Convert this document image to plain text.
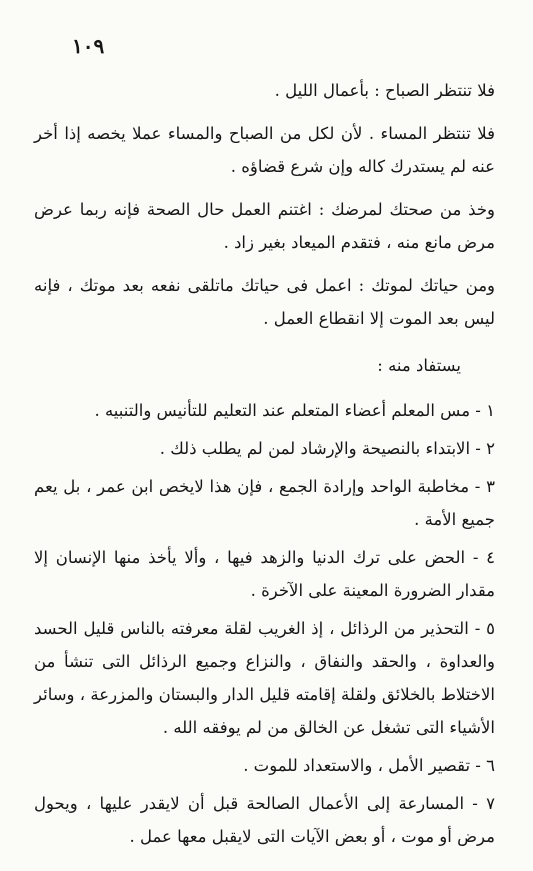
١٠٩

فلا تنتظر الصباح : بأعمال الليل .

فلا تنتظر المساء . لأن لكل من الصباح والمساء عملا يخصه إذا أخر عنه لم يستدرك كاله وإن شرع قضاؤه .

وخذ من صحتك لمرضك : اغتنم العمل حال الصحة فإنه ربما عرض مرض مانع منه ، فتقدم الميعاد بغير زاد .

ومن حياتك لموتك : اعمل فى حياتك ماتلقى نفعه بعد موتك ، فإنه ليس بعد الموت إلا انقطاع العمل .

يستفاد منه :

١ - مس المعلم أعضاء المتعلم عند التعليم للتأنيس والتنبيه .

٢ - الابتداء بالنصيحة والإرشاد لمن لم يطلب ذلك .

٣ - مخاطبة الواحد وإرادة الجمع ، فإن هذا لايخص ابن عمر ، بل يعم جميع الأمة .

٤ - الحض على ترك الدنيا والزهد فيها ، وألا يأخذ منها الإنسان إلا مقدار الضرورة المعينة على الآخرة .

٥ - التحذير من الرذائل ، إذ الغريب لقلة معرفته بالناس قليل الحسد والعداوة ، والحقد والنفاق ، والنزاع وجميع الرذائل التى تنشأ من الاختلاط بالخلائق ولقلة إقامته قليل الدار والبستان والمزرعة ، وسائر الأشياء التى تشغل عن الخالق من لم يوفقه الله .

٦ - تقصير الأمل ، والاستعداد للموت .

٧ - المسارعة إلى الأعمال الصالحة قبل أن لايقدر عليها ، ويحول مرض أو موت ، أو بعض الآيات التى لايقبل معها عمل .
